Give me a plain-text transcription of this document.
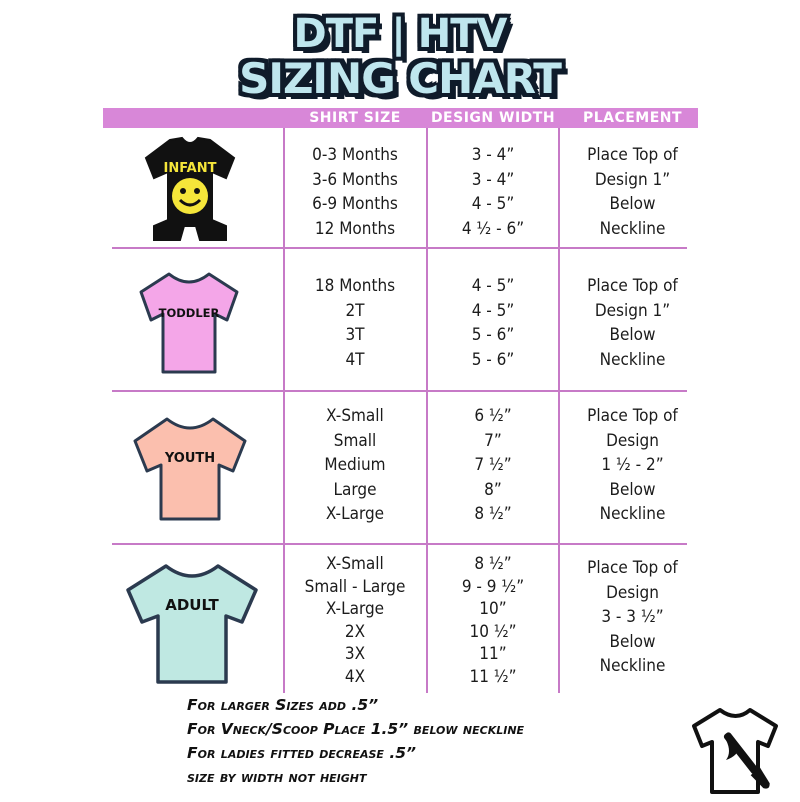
DTF | HTV
SIZING CHART
SHIRT SIZE	DESIGN WIDTH	PLACEMENT
INFANT
0-3 Months
3-6 Months
6-9 Months
12 Months
3 - 4”
3 - 4”
4 - 5”
4 ½ - 6”
Place Top of
Design 1”
Below
Neckline
TODDLER
18 Months
2T
3T
4T
4 - 5”
4 - 5”
5 - 6”
5 - 6”
Place Top of
Design 1”
Below
Neckline
YOUTH
X-Small
Small
Medium
Large
X-Large
6 ½”
7”
7 ½”
8”
8 ½”
Place Top of
Design
1 ½ - 2”
Below
Neckline
ADULT
X-Small
Small - Large
X-Large
2X
3X
4X
8 ½”
9 - 9 ½”
10”
10 ½”
11”
11 ½”
Place Top of
Design
3 - 3 ½”
Below
Neckline
For larger Sizes add .5”
For Vneck/Scoop Place 1.5” below neckline
For ladies fitted decrease .5”
size by width not height
